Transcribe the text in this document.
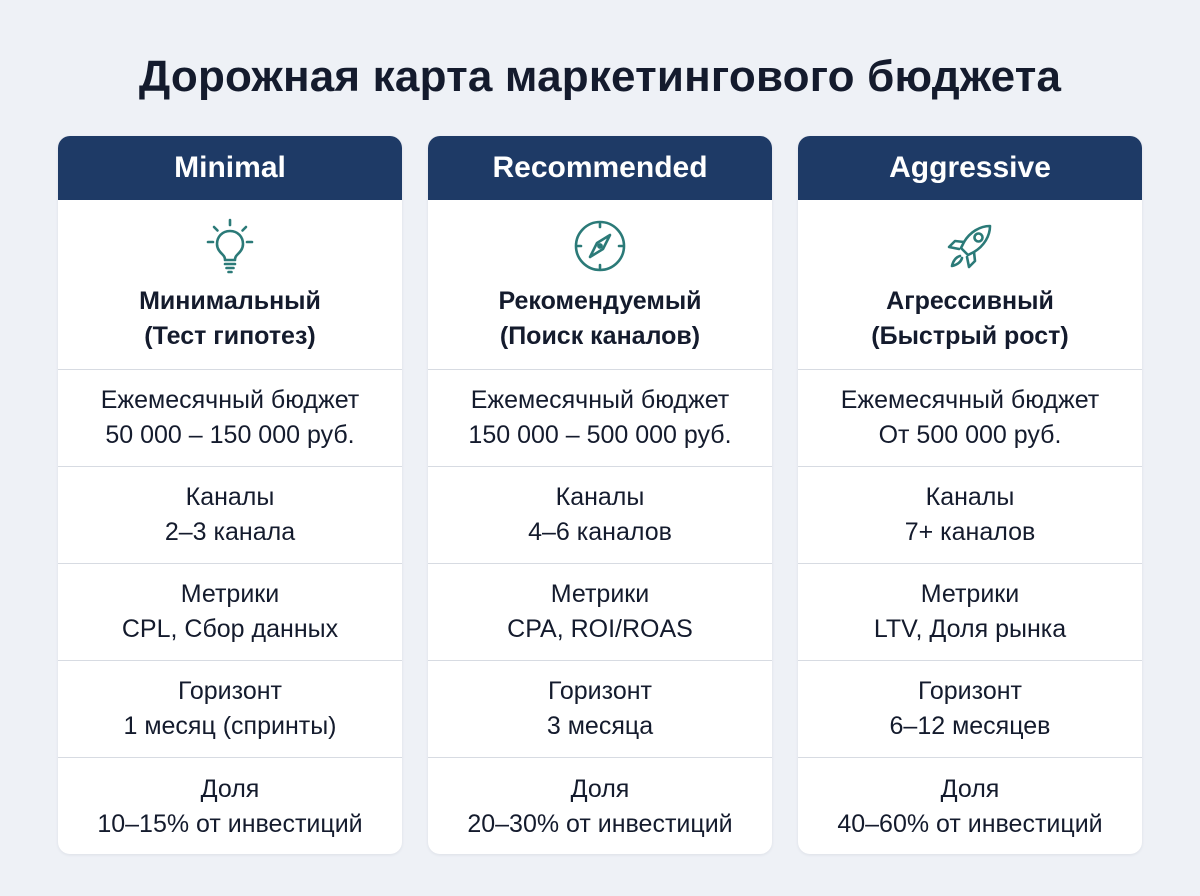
Дорожная карта маркетингового бюджета
Minimal
Минимальный
(Тест гипотез)
Ежемесячный бюджет
50 000 – 150 000 руб.
Каналы
2–3 канала
Метрики
CPL, Сбор данных
Горизонт
1 месяц (спринты)
Доля
10–15% от инвестиций
Recommended
Рекомендуемый
(Поиск каналов)
Ежемесячный бюджет
150 000 – 500 000 руб.
Каналы
4–6 каналов
Метрики
CPA, ROI/ROAS
Горизонт
3 месяца
Доля
20–30% от инвестиций
Aggressive
Агрессивный
(Быстрый рост)
Ежемесячный бюджет
От 500 000 руб.
Каналы
7+ каналов
Метрики
LTV, Доля рынка
Горизонт
6–12 месяцев
Доля
40–60% от инвестиций
